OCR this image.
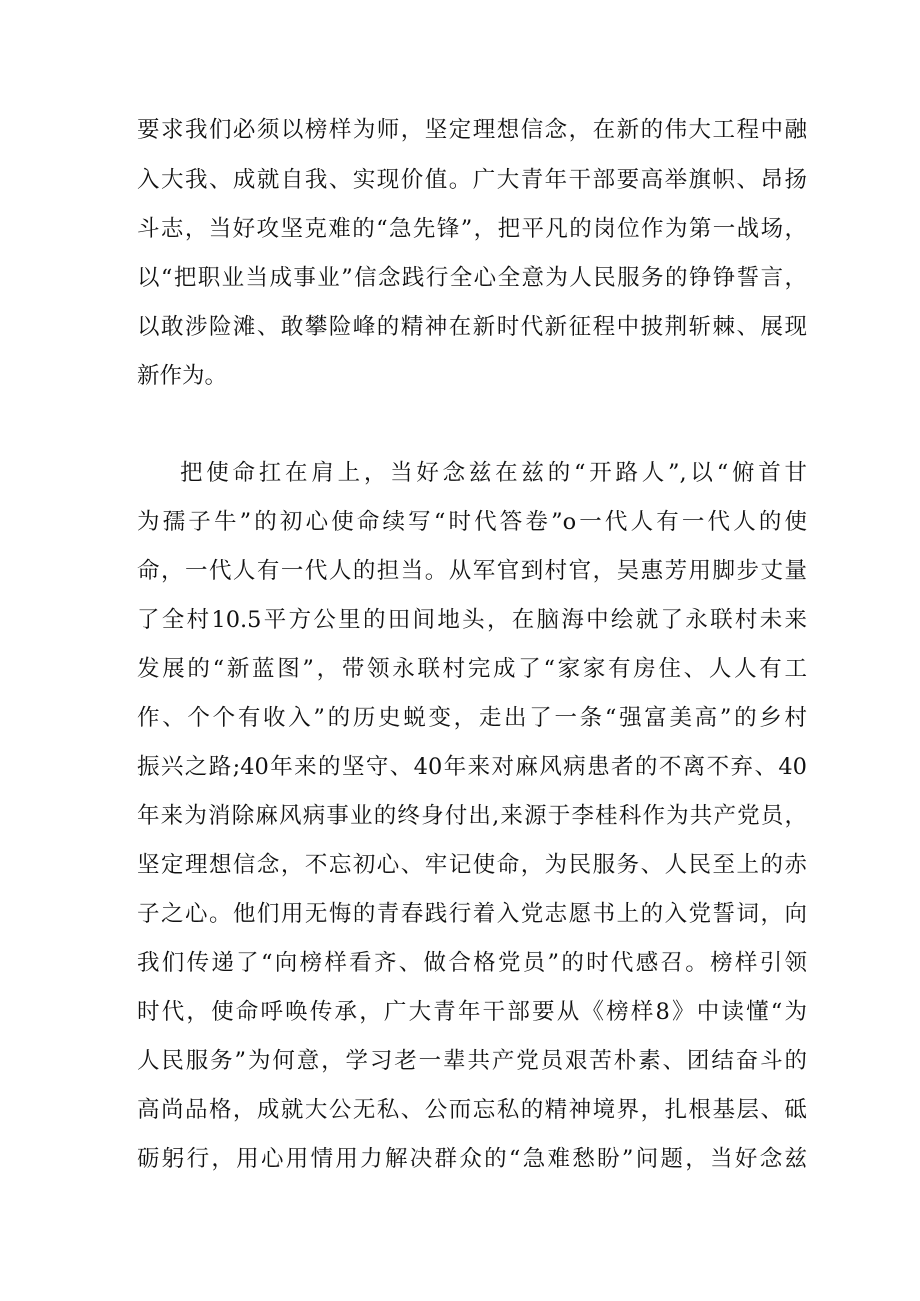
要求我们必须以榜样为师，坚定理想信念，在新的伟大工程中融

入大我、成就自我、实现价值。广大青年干部要高举旗帜、昂扬

斗志，当好攻坚克难的“急先锋”，把平凡的岗位作为第一战场，

以“把职业当成事业”信念践行全心全意为人民服务的铮铮誓言，

以敢涉险滩、敢攀险峰的精神在新时代新征程中披荆斩棘、展现

新作为。

把使命扛在肩上，当好念兹在兹的“开路人”,以“俯首甘

为孺子牛”的初心使命续写“时代答卷”o一代人有一代人的使

命，一代人有一代人的担当。从军官到村官，吴惠芳用脚步丈量

了全村10.5平方公里的田间地头，在脑海中绘就了永联村未来

发展的“新蓝图”，带领永联村完成了“家家有房住、人人有工

作、个个有收入”的历史蜕变，走出了一条“强富美高”的乡村

振兴之路;40年来的坚守、40年来对麻风病患者的不离不弃、40

年来为消除麻风病事业的终身付出,来源于李桂科作为共产党员，

坚定理想信念，不忘初心、牢记使命，为民服务、人民至上的赤

子之心。他们用无悔的青春践行着入党志愿书上的入党誓词，向

我们传递了“向榜样看齐、做合格党员”的时代感召。榜样引领

时代，使命呼唤传承，广大青年干部要从《榜样8》中读懂“为

人民服务”为何意，学习老一辈共产党员艰苦朴素、团结奋斗的

高尚品格，成就大公无私、公而忘私的精神境界，扎根基层、砥

砺躬行，用心用情用力解决群众的“急难愁盼”问题，当好念兹
